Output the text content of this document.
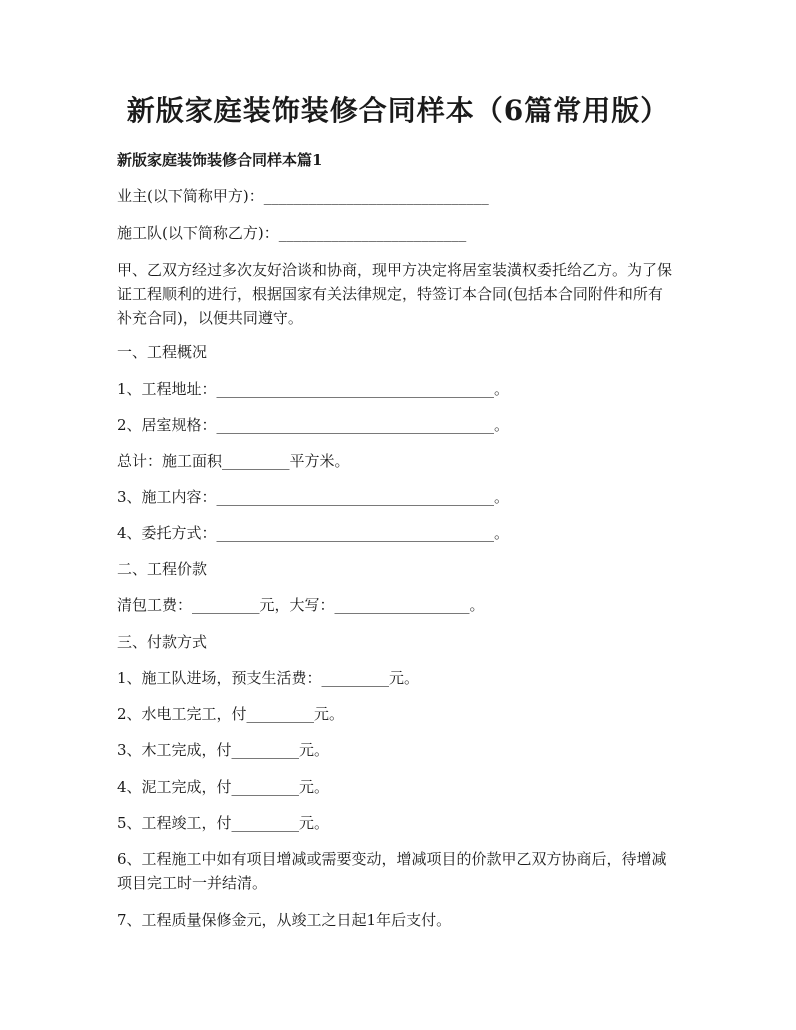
新版家庭装饰装修合同样本（6篇常用版）

新版家庭装饰装修合同样本篇1

业主(以下简称甲方)：______________________________

施工队(以下简称乙方)：_________________________

甲、乙双方经过多次友好洽谈和协商，现甲方决定将居室装潢权委托给乙方。为了保证工程顺利的进行，根据国家有关法律规定，特签订本合同(包括本合同附件和所有补充合同)，以便共同遵守。

一、工程概况

1、工程地址：_____________________________________。

2、居室规格：_____________________________________。

总计：施工面积_________平方米。

3、施工内容：_____________________________________。

4、委托方式：_____________________________________。

二、工程价款

清包工费：_________元，大写：__________________。

三、付款方式

1、施工队进场，预支生活费：_________元。

2、水电工完工，付_________元。

3、木工完成，付_________元。

4、泥工完成，付_________元。

5、工程竣工，付_________元。

6、工程施工中如有项目增减或需要变动，增减项目的价款甲乙双方协商后，待增减项目完工时一并结清。

7、工程质量保修金元，从竣工之日起1年后支付。
